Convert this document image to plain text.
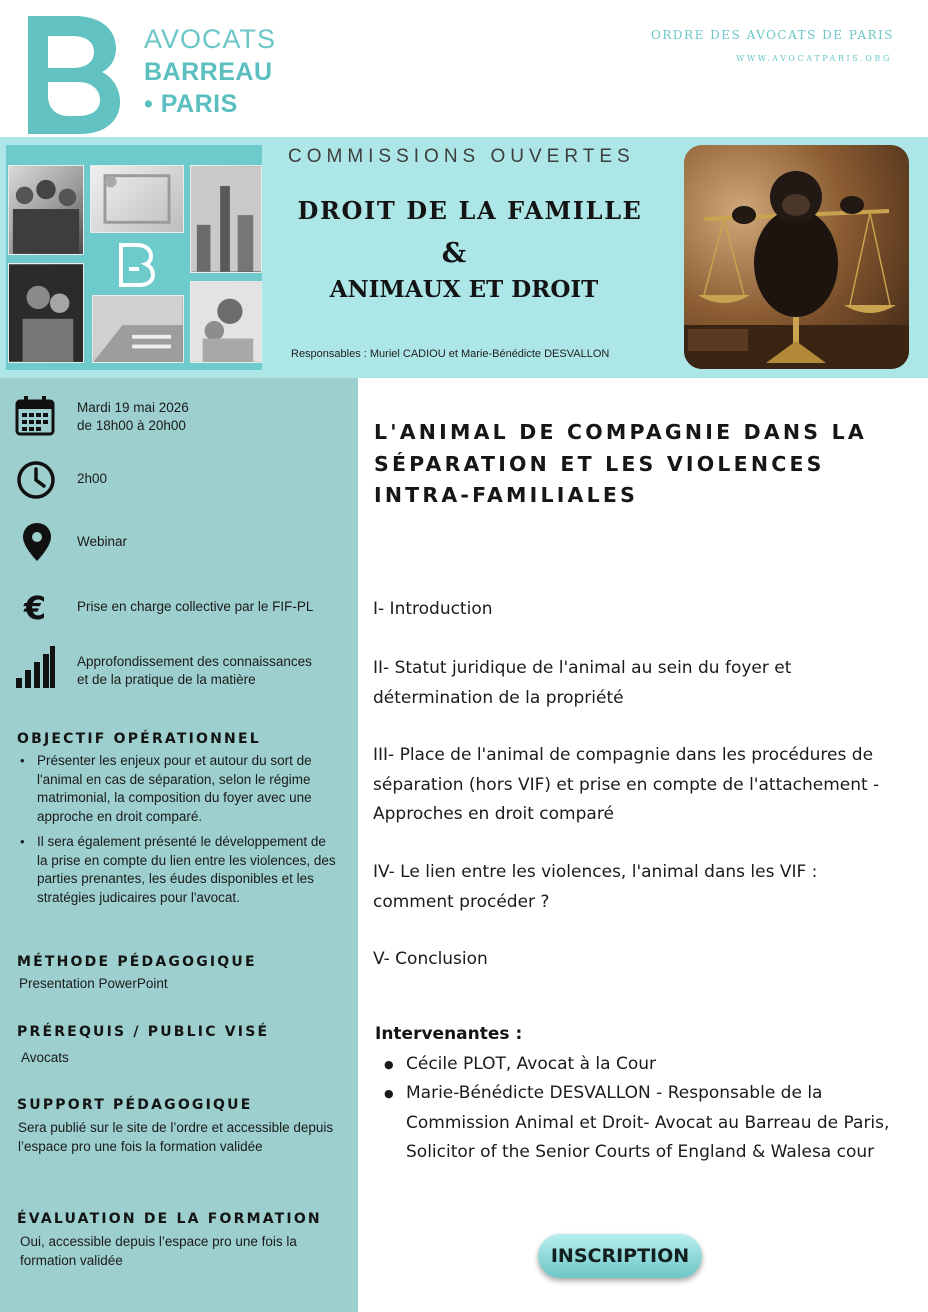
AVOCATS
BARREAU
• PARIS
ORDRE DES AVOCATS DE PARIS
WWW.AVOCATPARIS.ORG
COMMISSIONS OUVERTES
DROIT DE LA FAMILLE
&
ANIMAUX ET DROIT
Responsables : Muriel CADIOU et Marie-Bénédicte DESVALLON
Mardi 19 mai 2026
de 18h00 à 20h00
2h00
Webinar
€ Prise en charge collective par le FIF-PL
Approfondissement des connaissances
et de la pratique de la matière
OBJECTIF OPÉRATIONNEL
• Présenter les enjeux pour et autour du sort de l'animal en cas de séparation, selon le régime matrimonial, la composition du foyer avec une approche en droit comparé.
• Il sera également présenté le développement de la prise en compte du lien entre les violences, des parties prenantes, les éudes disponibles et les stratégies judicaires pour l'avocat.
MÉTHODE PÉDAGOGIQUE
Presentation PowerPoint
PRÉREQUIS / PUBLIC VISÉ
Avocats
SUPPORT PÉDAGOGIQUE
Sera publié sur le site de l’ordre et accessible depuis l’espace pro une fois la formation validée
ÉVALUATION DE LA FORMATION
Oui, accessible depuis l’espace pro une fois la formation validée
L'ANIMAL DE COMPAGNIE DANS LA SÉPARATION ET LES VIOLENCES INTRA-FAMILIALES
I- Introduction
II- Statut juridique de l'animal au sein du foyer et détermination de la propriété
III- Place de l'animal de compagnie dans les procédures de séparation (hors VIF) et prise en compte de l'attachement - Approches en droit comparé
IV- Le lien entre les violences, l'animal dans les VIF : comment procéder ?
V- Conclusion
Intervenantes :
● Cécile PLOT, Avocat à la Cour
● Marie-Bénédicte DESVALLON - Responsable de la Commission Animal et Droit- Avocat au Barreau de Paris, Solicitor of the Senior Courts of England & Walesa cour
INSCRIPTION
